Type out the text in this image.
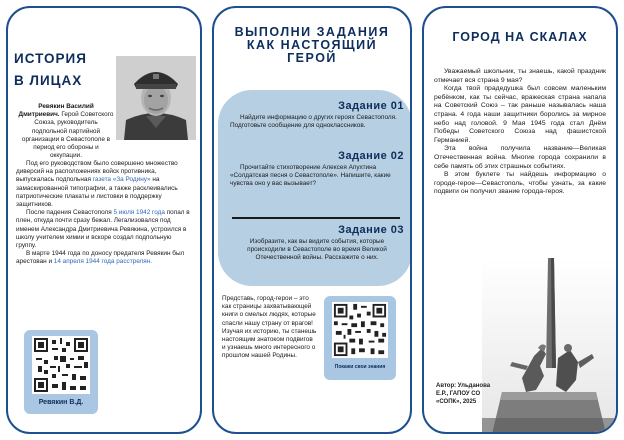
ИСТОРИЯ
В ЛИЦАХ
Ревякин Василий Дмитриевич. Герой Советского Союза, руководитель подпольной партийной организации в Севастополе в период его обороны и оккупации.

Под его руководством было совершено множество диверсий на расположениях войск противника, выпускалась подпольная газета «За Родину» на замаскированной типографии, а также расклеивались патриотические плакаты и листовки в поддержку защитников.

После падения Севастополя 5 июля 1942 года попал в плен, откуда почти сразу бежал. Легализовался под именем Александра Дмитриевича Ревякина, устроился в школу учителем химии и вскоре создал подпольную группу.

В марте 1944 года по доносу предателя Ревякин был арестован и 14 апреля 1944 года расстрелян.

Ревякин В.Д.
ВЫПОЛНИ ЗАДАНИЯ
КАК НАСТОЯЩИЙ
ГЕРОЙ
Задание 01
Найдите информацию о других героях Севастополя. Подготовьте сообщение для одноклассников.
Задание 02
Прочитайте стихотворение Алексея Апухтина «Солдатская песня о Севастополе». Напишите, какие чувства оно у вас вызывает?
Задание 03
Изобразите, как вы видите события, которые происходили в Севастополе во время Великой Отечественной войны. Расскажите о них.
Представь, город-герои – это как страницы захватывающей книги о смелых людях, которые спасли нашу страну от врагов! Изучая их историю, ты станешь настоящим знатоком подвигов и узнаешь много интересного о прошлом нашей Родины.
Покажи свои знания
ГОРОД НА СКАЛАХ

Уважаемый школьник, ты знаешь, какой праздник отмечает вся страна 9 мая?

Когда твой прадедушка был совсем маленьким ребёнком, как ты сейчас, вражеская страна напала на Советский Союз – так раньше называлась наша страна. 4 года наши защитники боролись за мирное небо над головой. 9 Мая 1945 года стал Днём Победы Советского Союза над фашистской Германией.

Эта война получила название—Великая Отечественная война. Многие города сохранили в себе память об этих страшных событиях.

В этом буклете ты найдешь информацию о городе-герое—Севастополь, чтобы узнать, за какие подвиги он получил звание города-героя.

Автор: Ульданова
Е.Р., ГАПОУ СО
«СОПК», 2025
